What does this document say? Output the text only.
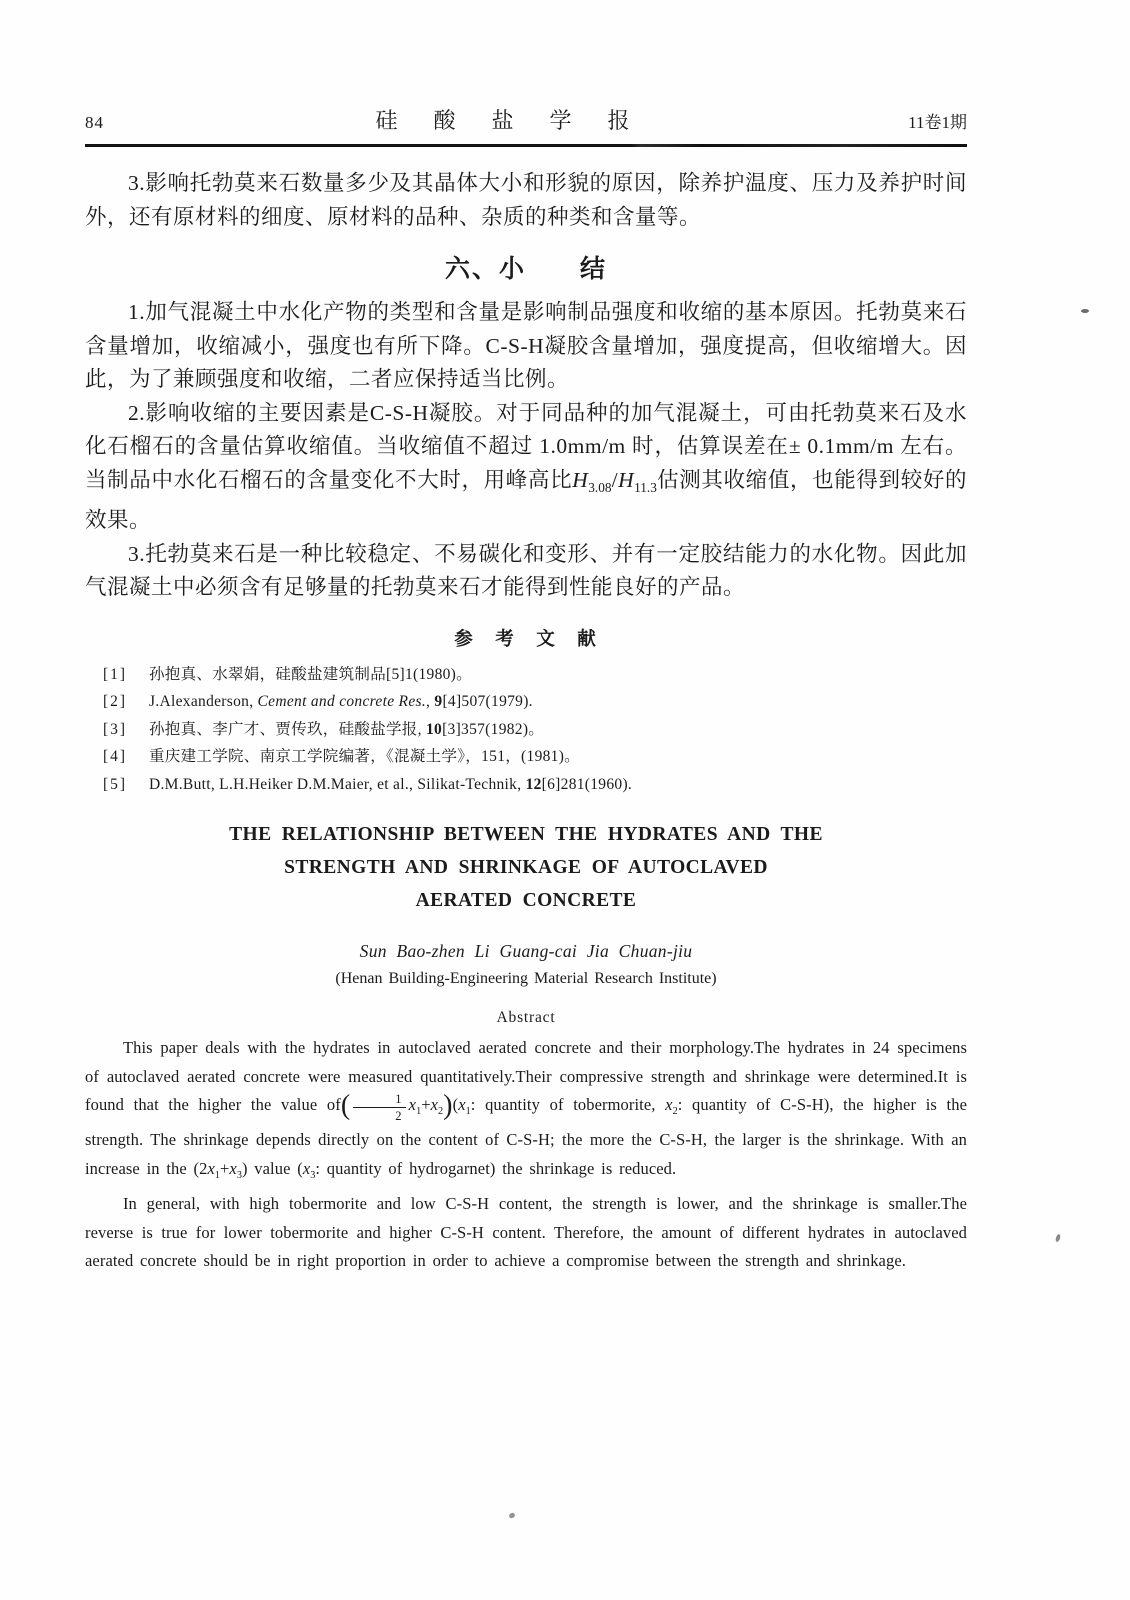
84	硅　酸　盐　学　报	11卷1期

3.影响托勃莫来石数量多少及其晶体大小和形貌的原因，除养护温度、压力及养护时间外，还有原材料的细度、原材料的品种、杂质的种类和含量等。

六、小　　结

1.加气混凝土中水化产物的类型和含量是影响制品强度和收缩的基本原因。托勃莫来石含量增加，收缩减小，强度也有所下降。C-S-H凝胶含量增加，强度提高，但收缩增大。因此，为了兼顾强度和收缩，二者应保持适当比例。

2.影响收缩的主要因素是C-S-H凝胶。对于同品种的加气混凝土，可由托勃莫来石及水化石榴石的含量估算收缩值。当收缩值不超过 1.0mm/m 时，估算误差在± 0.1mm/m 左右。当制品中水化石榴石的含量变化不大时，用峰高比$H_{3.08}/H_{11.3}$估测其收缩值，也能得到较好的效果。

3.托勃莫来石是一种比较稳定、不易碳化和变形、并有一定胶结能力的水化物。因此加气混凝土中必须含有足够量的托勃莫来石才能得到性能良好的产品。

参　考　文　献
[1]	孙抱真、水翠娟，硅酸盐建筑制品[5]1(1980)。
[2]	J.Alexanderson, Cement and concrete Res., 9[4]507(1979).
[3]	孙抱真、李广才、贾传玖，硅酸盐学报, 10[3]357(1982)。
[4]	重庆建工学院、南京工学院编著，《混凝土学》，151，(1981)。
[5]	D.M.Butt, L.H.Heiker D.M.Maier, et al., Silikat-Technik, 12[6]281(1960).
THE RELATIONSHIP BETWEEN THE HYDRATES AND THE
STRENGTH AND SHRINKAGE OF AUTOCLAVED
AERATED CONCRETE
Sun Bao-zhen Li Guang-cai Jia Chuan-jiu
(Henan Building-Engineering Material Research Institute)
Abstract

This paper deals with the hydrates in autoclaved aerated concrete and their morphology.The hydrates in 24 specimens of autoclaved aerated concrete were measured quantitatively.Their compressive strength and shrinkage were determined.It is found that the higher the value $of( \frac{1}{2} x_1+x_2)(x_1$: quantity of tobermorite, $x_2$: quantity of C-S-H), the higher is the strength. The shrinkage depends directly on the content of C-S-H; the more the C-S-H, the larger is the shrinkage. With an increase in the $(2x_1+x_3)$ value ($x_3$: quantity of hydrogarnet) the shrinkage is reduced.

In general, with high tobermorite and low C-S-H content, the strength is lower, and the shrinkage is smaller.The reverse is true for lower tobermorite and higher C-S-H content. Therefore, the amount of different hydrates in autoclaved aerated concrete should be in right proportion in order to achieve a compromise between the strength and shrinkage.
